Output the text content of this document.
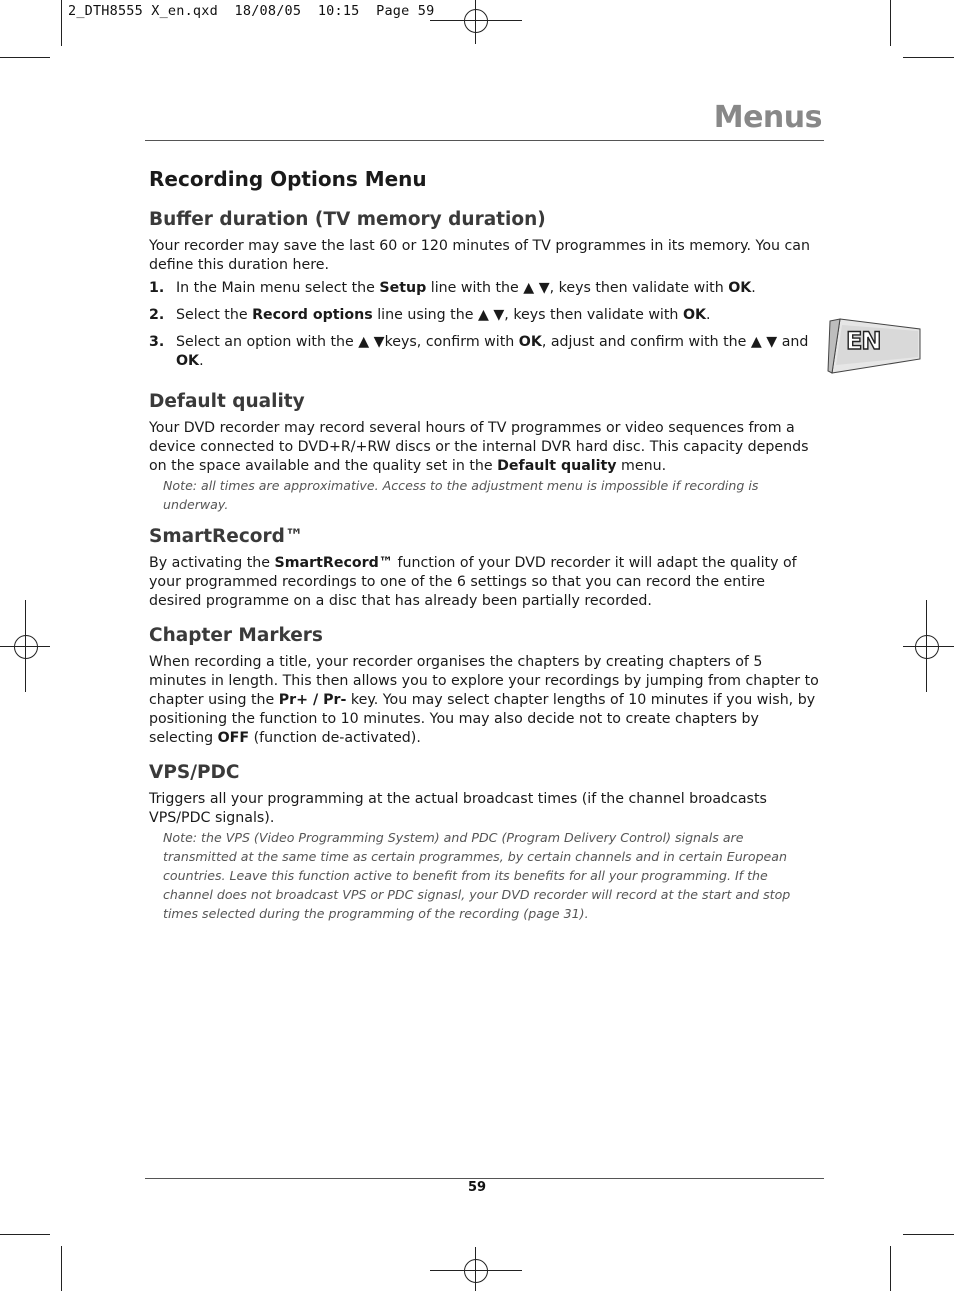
2_DTH8555 X_en.qxd  18/08/05  10:15  Page 59
Menus
EN
Recording Options Menu
Buffer duration (TV memory duration)

Your recorder may save the last 60 or 120 minutes of TV programmes in its memory. You can define this duration here.

1. In the Main menu select the Setup line with the ▲ ▼, keys then validate with OK.
2. Select the Record options line using the ▲ ▼, keys then validate with OK.
3. Select an option with the ▲ ▼keys, confirm with OK, adjust and confirm with the ▲ ▼ and OK.
Default quality

Your DVD recorder may record several hours of TV programmes or video sequences from a device connected to DVD+R/+RW discs or the internal DVR hard disc. This capacity depends on the space available and the quality set in the Default quality menu.

Note: all times are approximative. Access to the adjustment menu is impossible if recording is underway.

SmartRecord™

By activating the SmartRecord™ function of your DVD recorder it will adapt the quality of your programmed recordings to one of the 6 settings so that you can record the entire desired programme on a disc that has already been partially recorded.

Chapter Markers

When recording a title, your recorder organises the chapters by creating chapters of 5 minutes in length. This then allows you to explore your recordings by jumping from chapter to chapter using the Pr+ / Pr- key. You may select chapter lengths of 10 minutes if you wish, by positioning the function to 10 minutes. You may also decide not to create chapters by selecting OFF (function de-activated).

VPS/PDC

Triggers all your programming at the actual broadcast times (if the channel broadcasts VPS/PDC signals).

Note: the VPS (Video Programming System) and PDC (Program Delivery Control) signals are transmitted at the same time as certain programmes, by certain channels and in certain European countries. Leave this function active to benefit from its benefits for all your programming. If the channel does not broadcast VPS or PDC signasl, your DVD recorder will record at the start and stop times selected during the programming of the recording (page 31).

59
